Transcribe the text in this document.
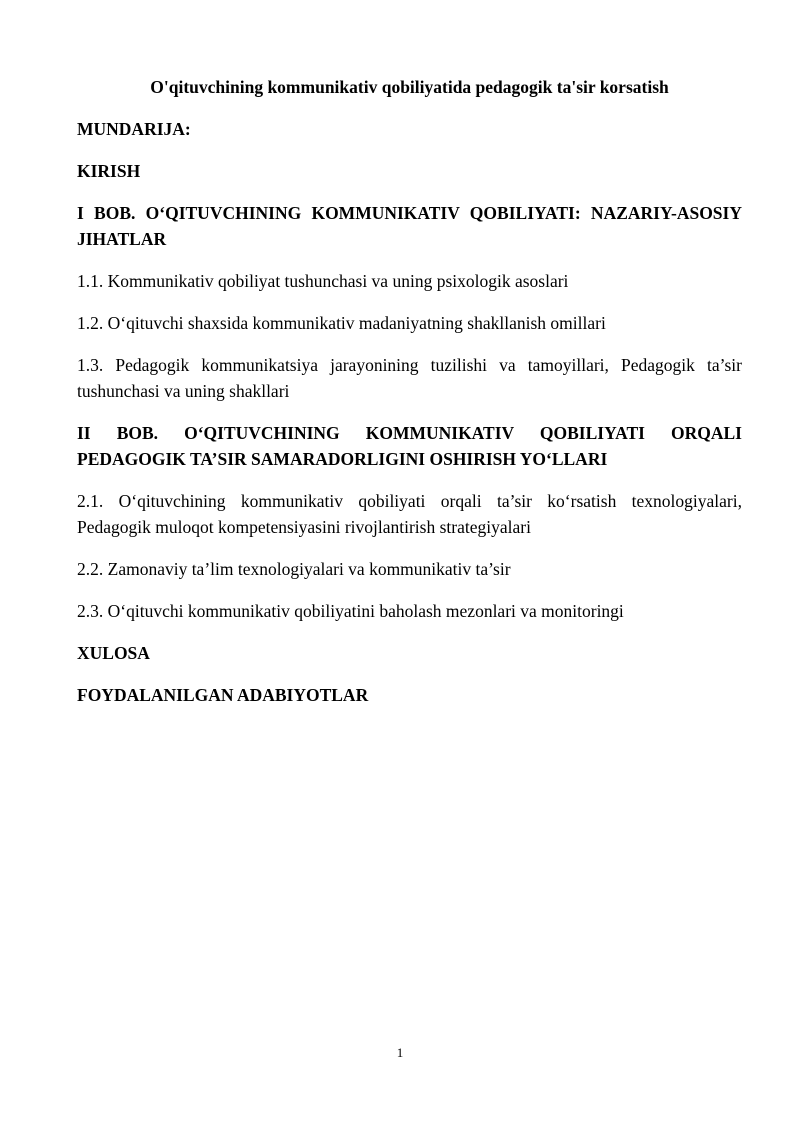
O'qituvchining kommunikativ qobiliyatida pedagogik ta'sir korsatish
MUNDARIJA:
KIRISH
I BOB. O‘QITUVCHINING KOMMUNIKATIV QOBILIYATI: NAZARIY-ASOSIY JIHATLAR
1.1. Kommunikativ qobiliyat tushunchasi va uning psixologik asoslari
1.2. O‘qituvchi shaxsida kommunikativ madaniyatning shakllanish omillari
1.3. Pedagogik kommunikatsiya jarayonining tuzilishi va tamoyillari, Pedagogik ta’sir tushunchasi va uning shakllari
II BOB. O‘QITUVCHINING KOMMUNIKATIV QOBILIYATI ORQALI PEDAGOGIK TA’SIR SAMARADORLIGINI OSHIRISH YO‘LLARI
2.1. O‘qituvchining kommunikativ qobiliyati orqali ta’sir ko‘rsatish texnologiyalari, Pedagogik muloqot kompetensiyasini rivojlantirish strategiyalari
2.2. Zamonaviy ta’lim texnologiyalari va kommunikativ ta’sir
2.3. O‘qituvchi kommunikativ qobiliyatini baholash mezonlari va monitoringi
XULOSA
FOYDALANILGAN ADABIYOTLAR
1
